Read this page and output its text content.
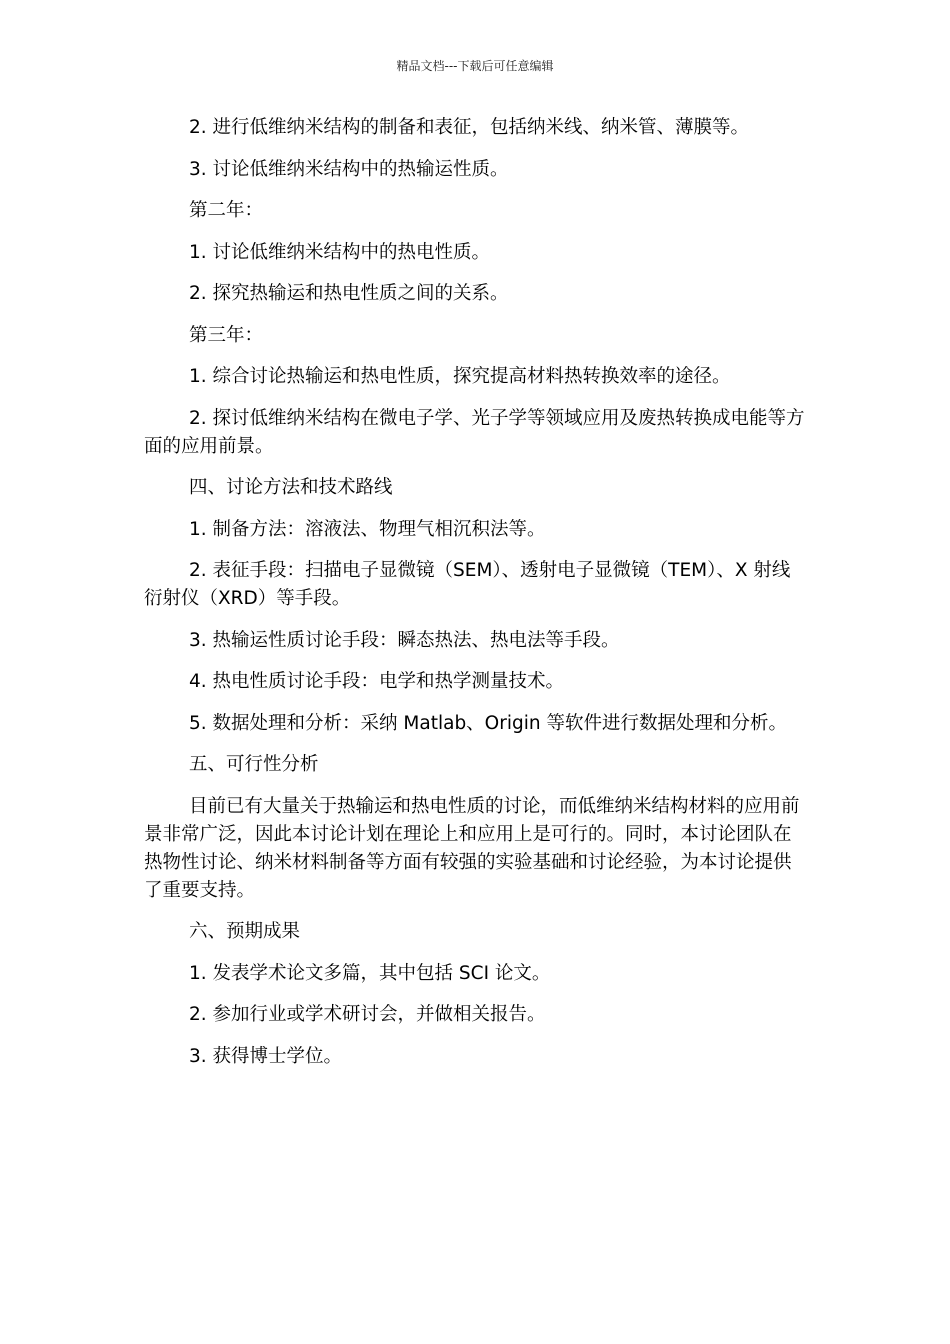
精品文档---下载后可任意编辑

2. 进行低维纳米结构的制备和表征，包括纳米线、纳米管、薄膜等。

3. 讨论低维纳米结构中的热输运性质。

第二年：

1. 讨论低维纳米结构中的热电性质。

2. 探究热输运和热电性质之间的关系。

第三年：

1. 综合讨论热输运和热电性质，探究提高材料热转换效率的途径。

2. 探讨低维纳米结构在微电子学、光子学等领域应用及废热转换成电能等方面的应用前景。

四、讨论方法和技术路线

1. 制备方法：溶液法、物理气相沉积法等。

2. 表征手段：扫描电子显微镜（SEM）、透射电子显微镜（TEM）、X 射线衍射仪（XRD）等手段。

3. 热输运性质讨论手段：瞬态热法、热电法等手段。

4. 热电性质讨论手段：电学和热学测量技术。

5. 数据处理和分析：采纳 Matlab、Origin 等软件进行数据处理和分析。

五、可行性分析

目前已有大量关于热输运和热电性质的讨论，而低维纳米结构材料的应用前景非常广泛，因此本讨论计划在理论上和应用上是可行的。同时，本讨论团队在热物性讨论、纳米材料制备等方面有较强的实验基础和讨论经验，为本讨论提供了重要支持。

六、预期成果

1. 发表学术论文多篇，其中包括 SCI 论文。

2. 参加行业或学术研讨会，并做相关报告。

3. 获得博士学位。
